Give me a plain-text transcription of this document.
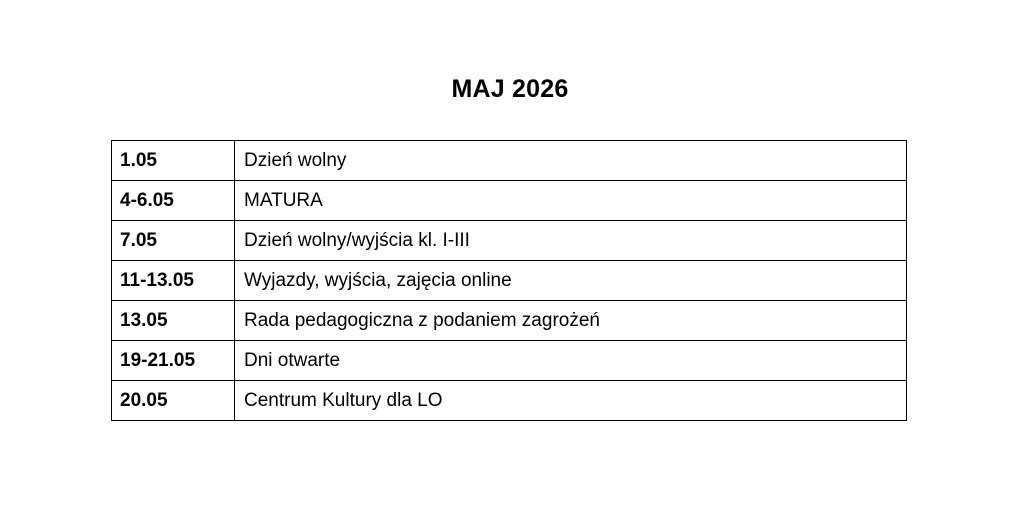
MAJ 2026
1.05	Dzień wolny
4-6.05	MATURA
7.05	Dzień wolny/wyjścia kl. I-III
11-13.05	Wyjazdy, wyjścia, zajęcia online
13.05	Rada pedagogiczna z podaniem zagrożeń
19-21.05	Dni otwarte
20.05	Centrum Kultury dla LO
